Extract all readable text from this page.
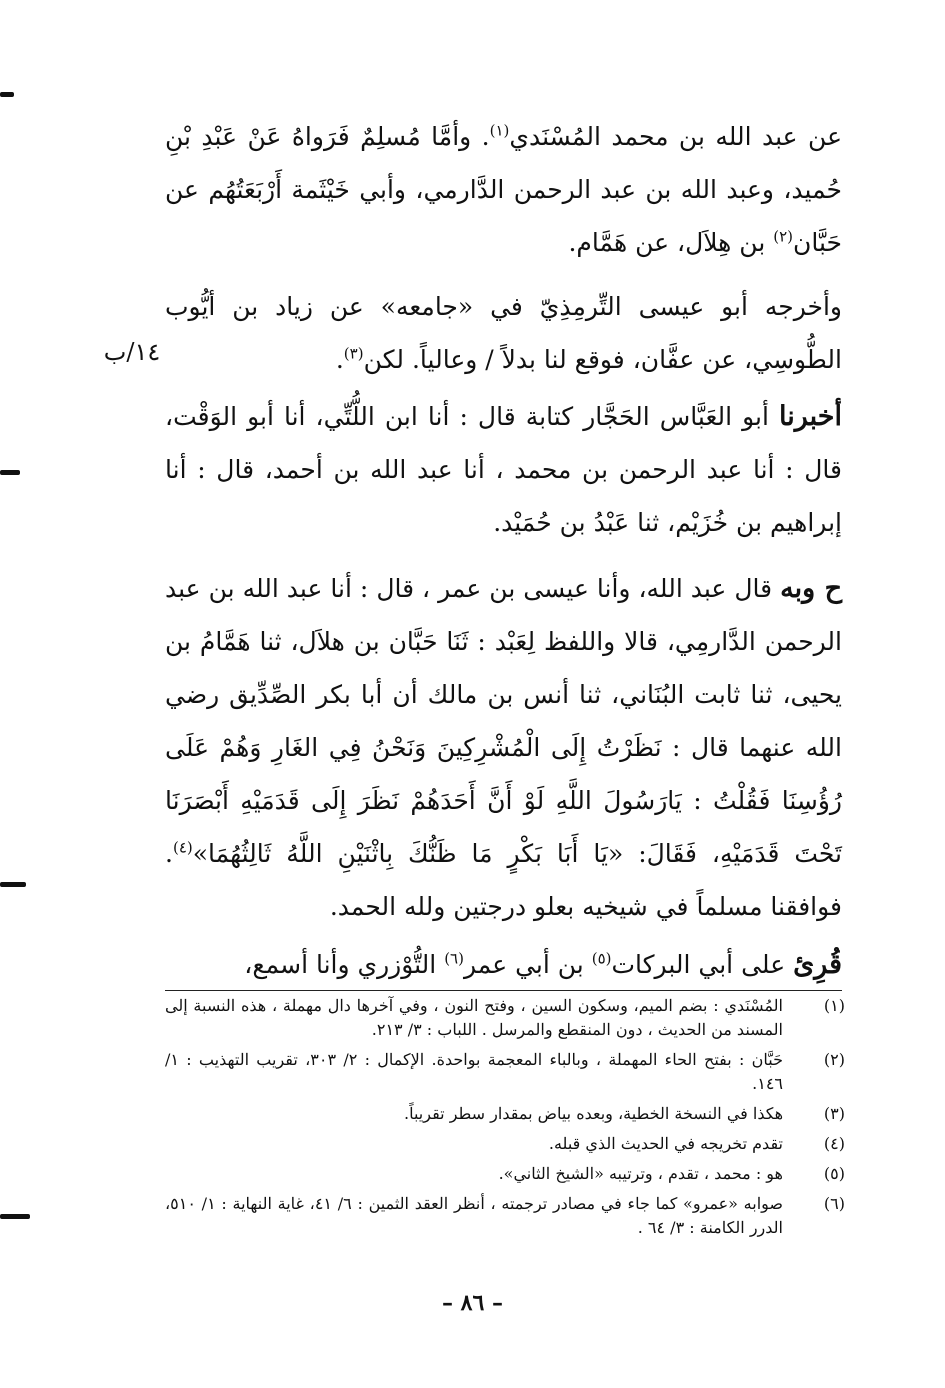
عن عبد الله بن محمد المُسْنَدي$^{(١)}$. وأمَّا مُسلِمٌ فَرَواهُ عَنْ عَبْدِ بْنِ حُميد، وعبد الله بن عبد الرحمن الدَّارمي، وأبي خَيْثَمة أَرْبَعَتُهُم عن حَبَّان$^{(٢)}$ بن هِلاَل، عن هَمَّام.

وأخرجه أبو عيسى التِّرمِذِيّ في «جامعه» عن زياد بن أيُّوب الطُّوسِي، عن عفَّان، فوقع لنا بدلاً / وعالياً. لكن$^{(٣)}$.

١٤/ب

أخبرنا أبو العَبَّاس الحَجَّار كتابة قال : أنا ابن اللُّتِّي، أنا أبو الوَقْت، قال : أنا عبد الرحمن بن محمد ، أنا عبد الله بن أحمد، قال : أنا إبراهيم بن خُزَيْم، ثنا عَبْدُ بن حُمَيْد.

ح وبه قال عبد الله، وأنا عيسى بن عمر ، قال : أنا عبد الله بن عبد الرحمن الدَّارمِي، قالا واللفظ لِعَبْد : ثَنَا حَبَّان بن هلاَل، ثنا هَمَّامُ بن يحيى، ثنا ثابت البُنَاني، ثنا أنس بن مالك أن أبا بكر الصِّدِّيق رضي الله عنهما قال : نَظَرْتُ إِلَى الْمُشْرِكِينَ وَنَحْنُ فِي الغَارِ وَهُمْ عَلَى رُؤُسِنَا فَقُلْتُ : يَارَسُولَ اللَّهِ لَوْ أَنَّ أَحَدَهُمْ نَظَرَ إِلَى قَدَمَيْهِ أَبْصَرَنَا تَحْتَ قَدَمَيْهِ، فَقَالَ: «يَا أَبَا بَكْرٍ مَا ظَنُّكَ بِاثْنَيْنِ اللَّهُ ثَالِثُهُمَا»$^{(٤)}$. فوافقنا مسلماً في شيخيه بعلو درجتين ولله الحمد.

قُرِئ على أبي البركات$^{(٥)}$ بن أبي عمر$^{(٦)}$ التُّوْزري وأنا أسمع،

(١)
المُسْنَدي : بضم الميم، وسكون السين ، وفتح النون ، وفي آخرها دال مهملة ، هذه النسبة إلى المسند من الحديث ، دون المنقطع والمرسل . اللباب : ٣/ ٢١٣.
(٢)
حَبَّان : بفتح الحاء المهملة ، وبالباء المعجمة بواحدة. الإكمال : ٢/ ٣٠٣، تقريب التهذيب : ١/ ١٤٦.
(٣)
هكذا في النسخة الخطية، وبعده بياض بمقدار سطر تقريباً.
(٤)
تقدم تخريجه في الحديث الذي قبله.
(٥)
هو : محمد ، تقدم ، وترتيبه «الشيخ الثاني».
(٦)
صوابه «عمرو» كما جاء في مصادر ترجمته ، أنظر العقد الثمين : ٦/ ٤١، غاية النهاية : ١/ ٥١٠، الدرر الكامنة : ٣/ ٦٤ .
– ٨٦ –
